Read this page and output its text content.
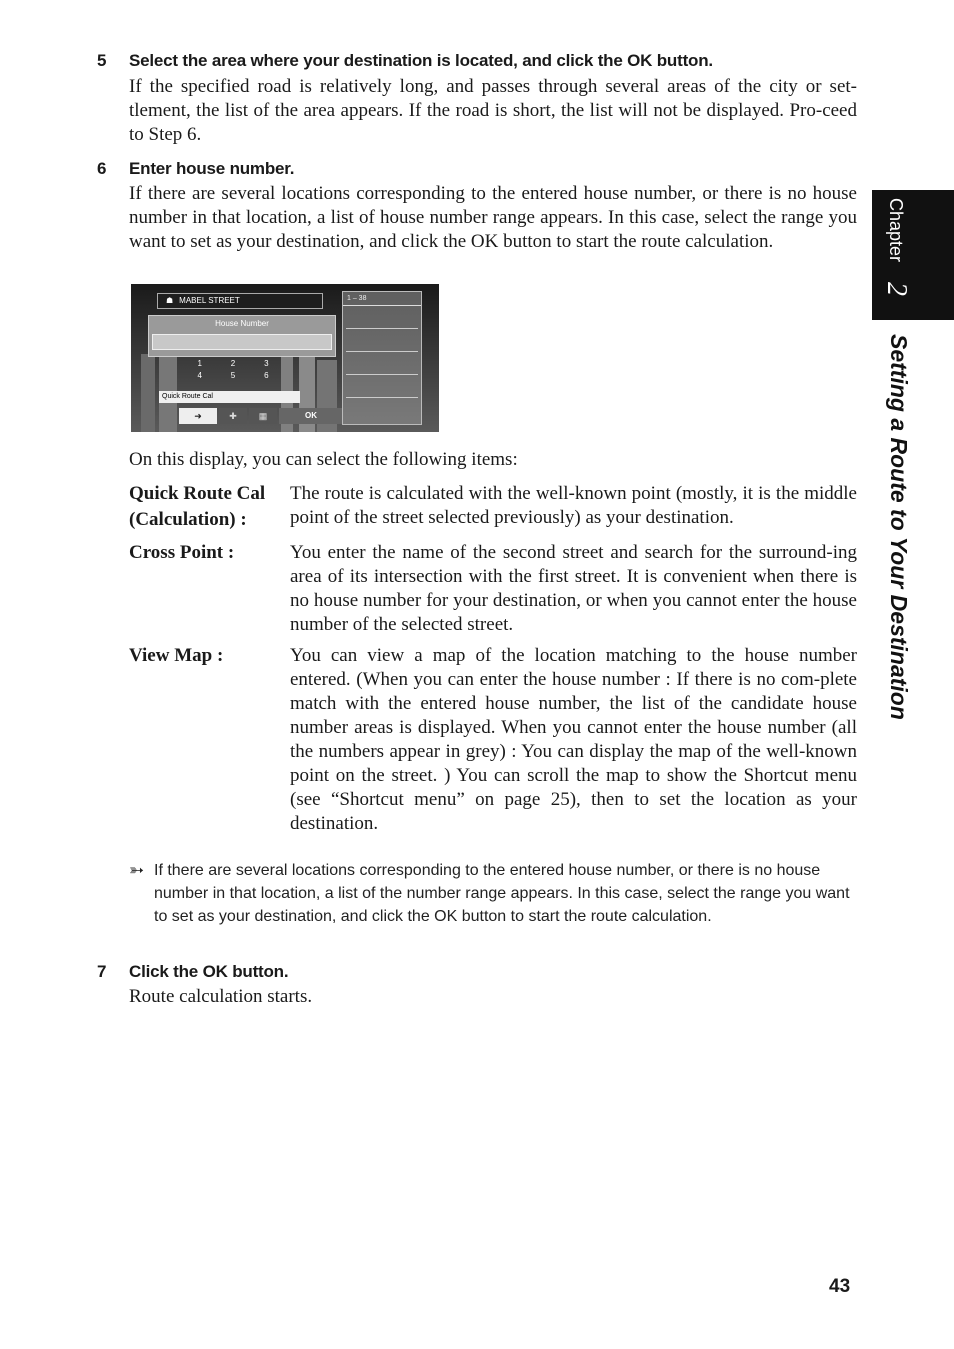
5 Select the area where your destination is located, and click the OK button.
If the specified road is relatively long, and passes through several areas of the city or set-tlement, the list of the area appears. If the road is short, the list will not be displayed. Pro-ceed to Step 6.
6 Enter house number.
If there are several locations corresponding to the entered house number, or there is no house number in that location, a list of house number range appears. In this case, select the range you want to set as your destination, and click the OK button to start the route calculation.
☗ MABEL STREET
House Number
1	2	3
4	5	6
Quick Route Cal
➜	✚	▦	OK
1 – 38
On this display, you can select the following items:
Quick Route Cal (Calculation) :
The route is calculated with the well-known point (mostly, it is the middle point of the street selected previously) as your destination.
Cross Point :	You enter the name of the second street and search for the surround-ing area of its intersection with the first street. It is convenient when there is no house number for your destination, or when you cannot enter the house number of the selected street.
View Map :	You can view a map of the location matching to the house number entered. (When you can enter the house number : If there is no com-plete match with the entered house number, the list of the candidate house number areas is displayed. When you cannot enter the house number (all the numbers appear in grey) : You can display the map of the well-known point on the street. ) You can scroll the map to show the Shortcut menu (see “Shortcut menu” on page 25), then to set the location as your destination.
➳ If there are several locations corresponding to the entered house number, or there is no house number in that location, a list of the number range appears. In this case, select the range you want to set as your destination, and click the OK button to start the route calculation.
7 Click the OK button.
Route calculation starts.
Chapter
2
Setting a Route to Your Destination
43
